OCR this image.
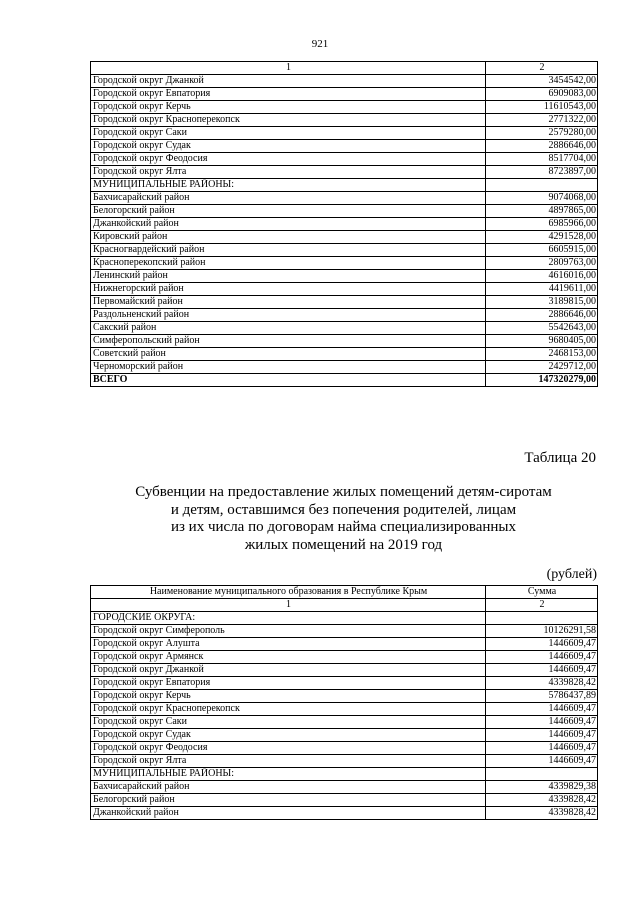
921
1	2
Городской округ Джанкой	3454542,00
Городской округ Евпатория	6909083,00
Городской округ Керчь	11610543,00
Городской округ Красноперекопск	2771322,00
Городской округ Саки	2579280,00
Городской округ Судак	2886646,00
Городской округ Феодосия	8517704,00
Городской округ Ялта	8723897,00
МУНИЦИПАЛЬНЫЕ РАЙОНЫ:	
Бахчисарайский район	9074068,00
Белогорский район	4897865,00
Джанкойский район	6985966,00
Кировский район	4291528,00
Красногвардейский район	6605915,00
Красноперекопский район	2809763,00
Ленинский район	4616016,00
Нижнегорский район	4419611,00
Первомайский район	3189815,00
Раздольненский район	2886646,00
Сакский район	5542643,00
Симферопольский район	9680405,00
Советский район	2468153,00
Черноморский район	2429712,00
ВСЕГО	147320279,00
Таблица 20
Субвенции на предоставление жилых помещений детям-сиротам
и детям, оставшимся без попечения родителей, лицам
из их числа по договорам найма специализированных
жилых помещений на 2019 год
(рублей)
Наименование муниципального образования в Республике Крым	Сумма
1	2
ГОРОДСКИЕ ОКРУГА:	
Городской округ Симферополь	10126291,58
Городской округ Алушта	1446609,47
Городской округ Армянск	1446609,47
Городской округ Джанкой	1446609,47
Городской округ Евпатория	4339828,42
Городской округ Керчь	5786437,89
Городской округ Красноперекопск	1446609,47
Городской округ Саки	1446609,47
Городской округ Судак	1446609,47
Городской округ Феодосия	1446609,47
Городской округ Ялта	1446609,47
МУНИЦИПАЛЬНЫЕ РАЙОНЫ:	
Бахчисарайский район	4339829,38
Белогорский район	4339828,42
Джанкойский район	4339828,42
